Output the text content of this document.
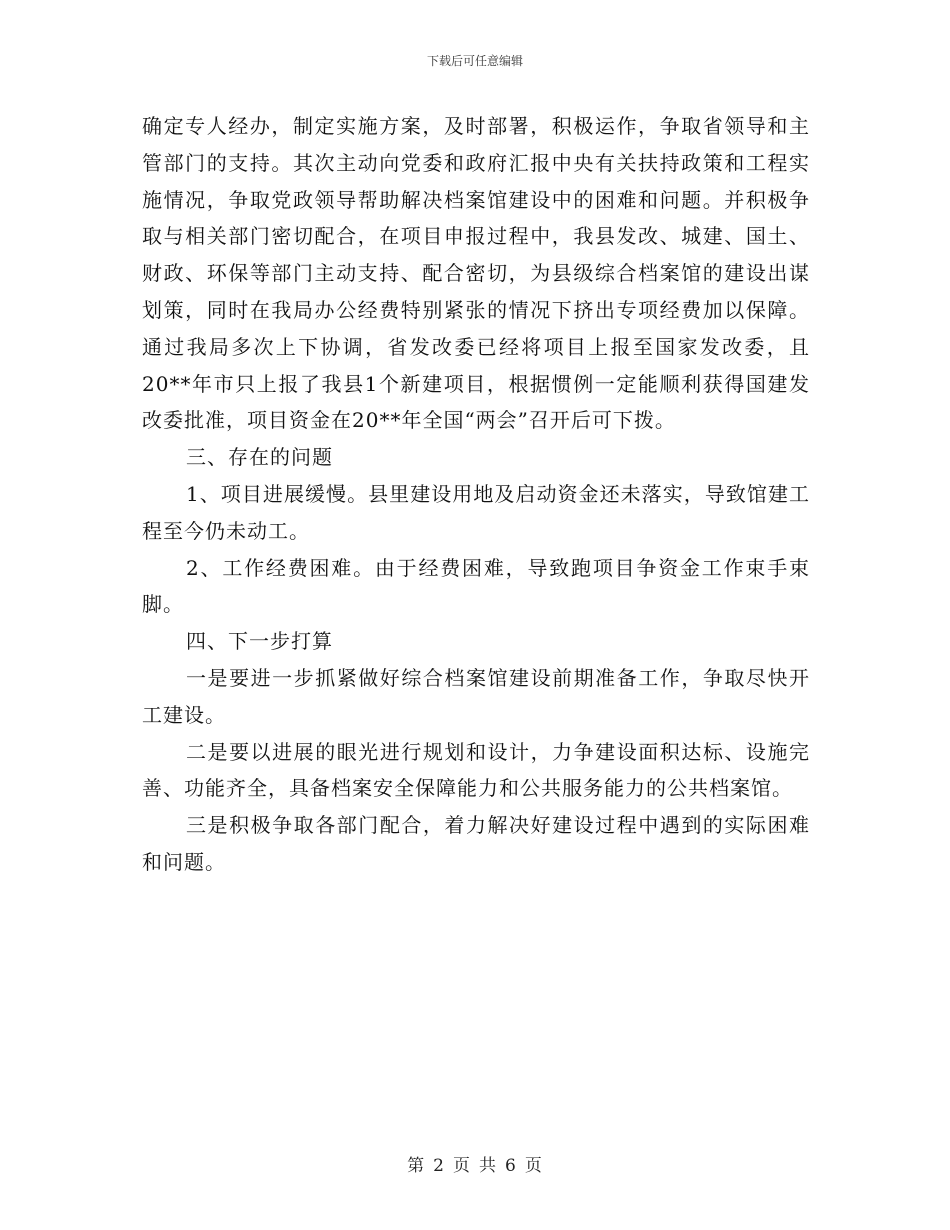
下载后可任意编辑

确定专人经办，制定实施方案，及时部署，积极运作，争取省领导和主管部门的支持。其次主动向党委和政府汇报中央有关扶持政策和工程实施情况，争取党政领导帮助解决档案馆建设中的困难和问题。并积极争取与相关部门密切配合，在项目申报过程中，我县发改、城建、国土、财政、环保等部门主动支持、配合密切，为县级综合档案馆的建设出谋划策，同时在我局办公经费特别紧张的情况下挤出专项经费加以保障。通过我局多次上下协调，省发改委已经将项目上报至国家发改委，且20**年市只上报了我县1个新建项目，根据惯例一定能顺利获得国建发改委批准，项目资金在20**年全国“两会”召开后可下拨。

三、存在的问题

1、项目进展缓慢。县里建设用地及启动资金还未落实，导致馆建工程至今仍未动工。

2、工作经费困难。由于经费困难，导致跑项目争资金工作束手束脚。

四、下一步打算

一是要进一步抓紧做好综合档案馆建设前期准备工作，争取尽快开工建设。

二是要以进展的眼光进行规划和设计，力争建设面积达标、设施完善、功能齐全，具备档案安全保障能力和公共服务能力的公共档案馆。

三是积极争取各部门配合，着力解决好建设过程中遇到的实际困难和问题。

第 2 页 共 6 页
